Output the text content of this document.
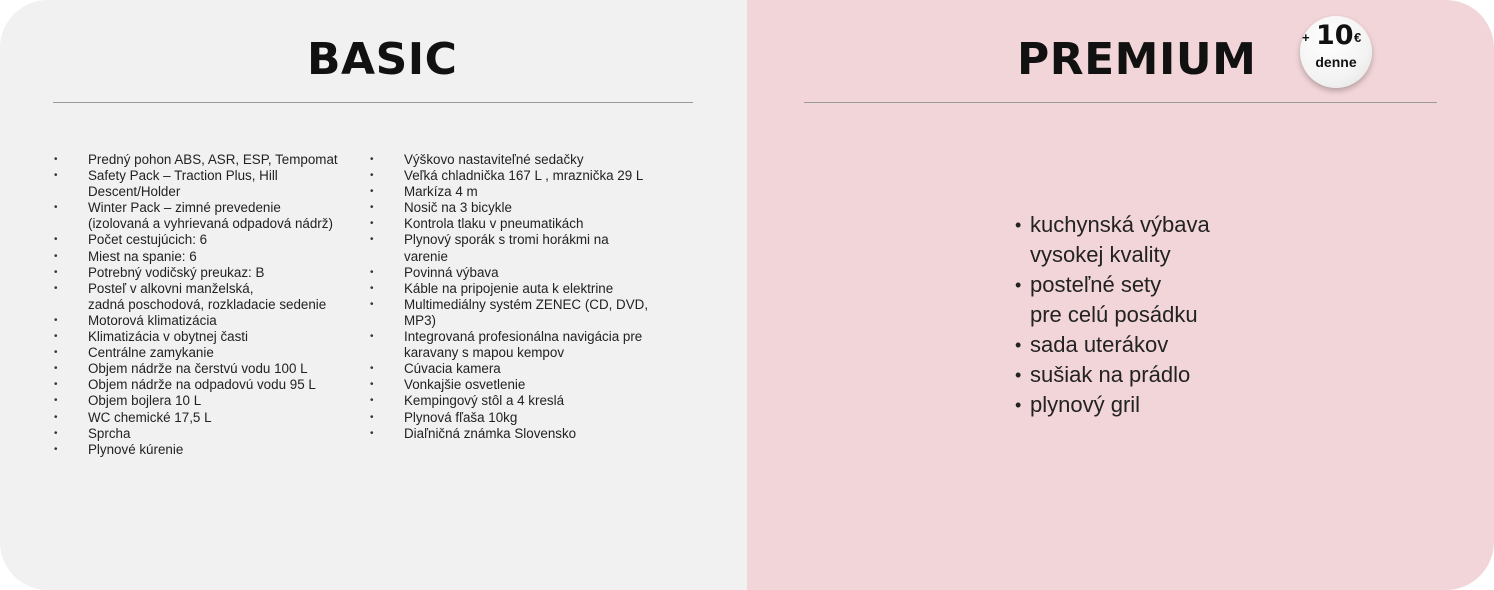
BASIC
• Predný pohon ABS, ASR, ESP, Tempomat
• Safety Pack – Traction Plus, Hill
Descent/Holder
• Winter Pack – zimné prevedenie
(izolovaná a vyhrievaná odpadová nádrž)
• Počet cestujúcich: 6
• Miest na spanie: 6
• Potrebný vodičský preukaz: B
• Posteľ v alkovni manželská,
zadná poschodová, rozkladacie sedenie
• Motorová klimatizácia
• Klimatizácia v obytnej časti
• Centrálne zamykanie
• Objem nádrže na čerstvú vodu 100 L
• Objem nádrže na odpadovú vodu 95 L
• Objem bojlera 10 L
• WC chemické 17,5 L
• Sprcha
• Plynové kúrenie
• Výškovo nastaviteľné sedačky
• Veľká chladnička 167 L , mraznička 29 L
• Markíza 4 m
• Nosič na 3 bicykle
• Kontrola tlaku v pneumatikách
• Plynový sporák s tromi horákmi na
varenie
• Povinná výbava
• Káble na pripojenie auta k elektrine
• Multimediálny systém ZENEC (CD, DVD,
MP3)
• Integrovaná profesionálna navigácia pre
karavany s mapou kempov
• Cúvacia kamera
• Vonkajšie osvetlenie
• Kempingový stôl a 4 kreslá
• Plynová fľaša 10kg
• Diaľničná známka Slovensko
PREMIUM	+ 10 €
denne
• kuchynská výbava
vysokej kvality
• posteľné sety
pre celú posádku
• sada uterákov
• sušiak na prádlo
• plynový gril
